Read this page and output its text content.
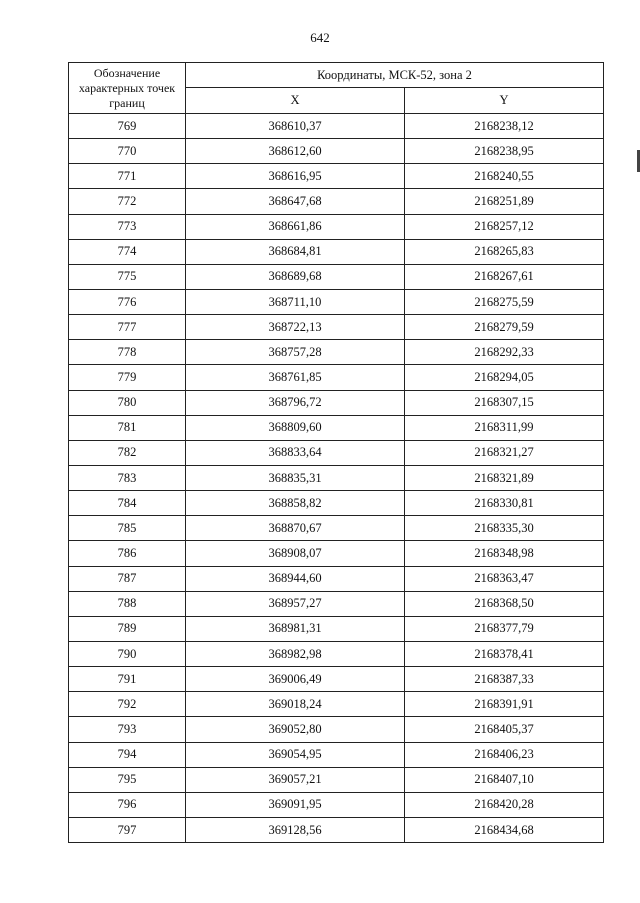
642
Обозначение характерных точек границ	Координаты, МСК-52, зона 2	
	X	Y
769	368610,37	2168238,12
770	368612,60	2168238,95
771	368616,95	2168240,55
772	368647,68	2168251,89
773	368661,86	2168257,12
774	368684,81	2168265,83
775	368689,68	2168267,61
776	368711,10	2168275,59
777	368722,13	2168279,59
778	368757,28	2168292,33
779	368761,85	2168294,05
780	368796,72	2168307,15
781	368809,60	2168311,99
782	368833,64	2168321,27
783	368835,31	2168321,89
784	368858,82	2168330,81
785	368870,67	2168335,30
786	368908,07	2168348,98
787	368944,60	2168363,47
788	368957,27	2168368,50
789	368981,31	2168377,79
790	368982,98	2168378,41
791	369006,49	2168387,33
792	369018,24	2168391,91
793	369052,80	2168405,37
794	369054,95	2168406,23
795	369057,21	2168407,10
796	369091,95	2168420,28
797	369128,56	2168434,68
